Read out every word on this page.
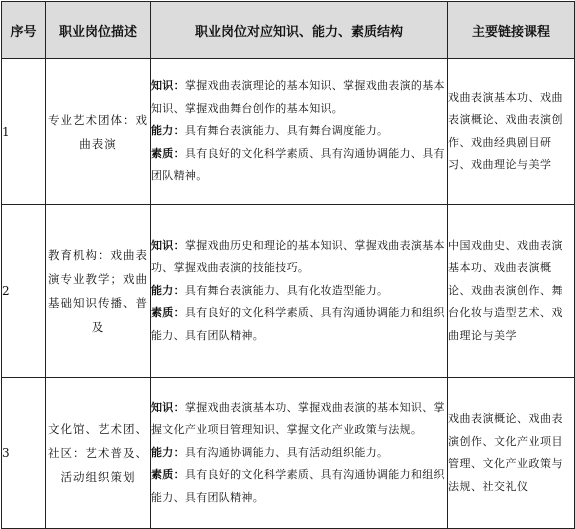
序号	职业岗位描述	职业岗位对应知识、能力、素质结构	主要链接课程
1	专业艺术团体：戏曲表演	知识：掌握戏曲表演理论的基本知识、掌握戏曲表演的基本知识、掌握戏曲舞台创作的基本知识。

能力：具有舞台表演能力、具有舞台调度能力。

素质：具有良好的文化科学素质、具有沟通协调能力、具有团队精神。	戏曲表演基本功、戏曲表演概论、戏曲表演创作、戏曲经典剧目研习、戏曲理论与美学
2	教育机构：戏曲表演专业教学；戏曲基础知识传播、普及	知识：掌握戏曲历史和理论的基本知识、掌握戏曲表演基本功、掌握戏曲表演的技能技巧。

能力：具有舞台表演能力、具有化妆造型能力。

素质：具有良好的文化科学素质、具有沟通协调能力和组织能力、具有团队精神。	中国戏曲史、戏曲表演基本功、戏曲表演概论、戏曲表演创作、舞台化妆与造型艺术、戏曲理论与美学
3	文化馆、艺术团、社区：艺术普及、活动组织策划	知识：掌握戏曲表演基本功、掌握戏曲表演的基本知识、掌握文化产业项目管理知识、掌握文化产业政策与法规。

能力：具有沟通协调能力、具有活动组织能力。

素质：具有良好的文化科学素质、具有沟通协调能力和组织能力、具有团队精神。	戏曲表演概论、戏曲表演创作、文化产业项目管理、文化产业政策与法规、社交礼仪
